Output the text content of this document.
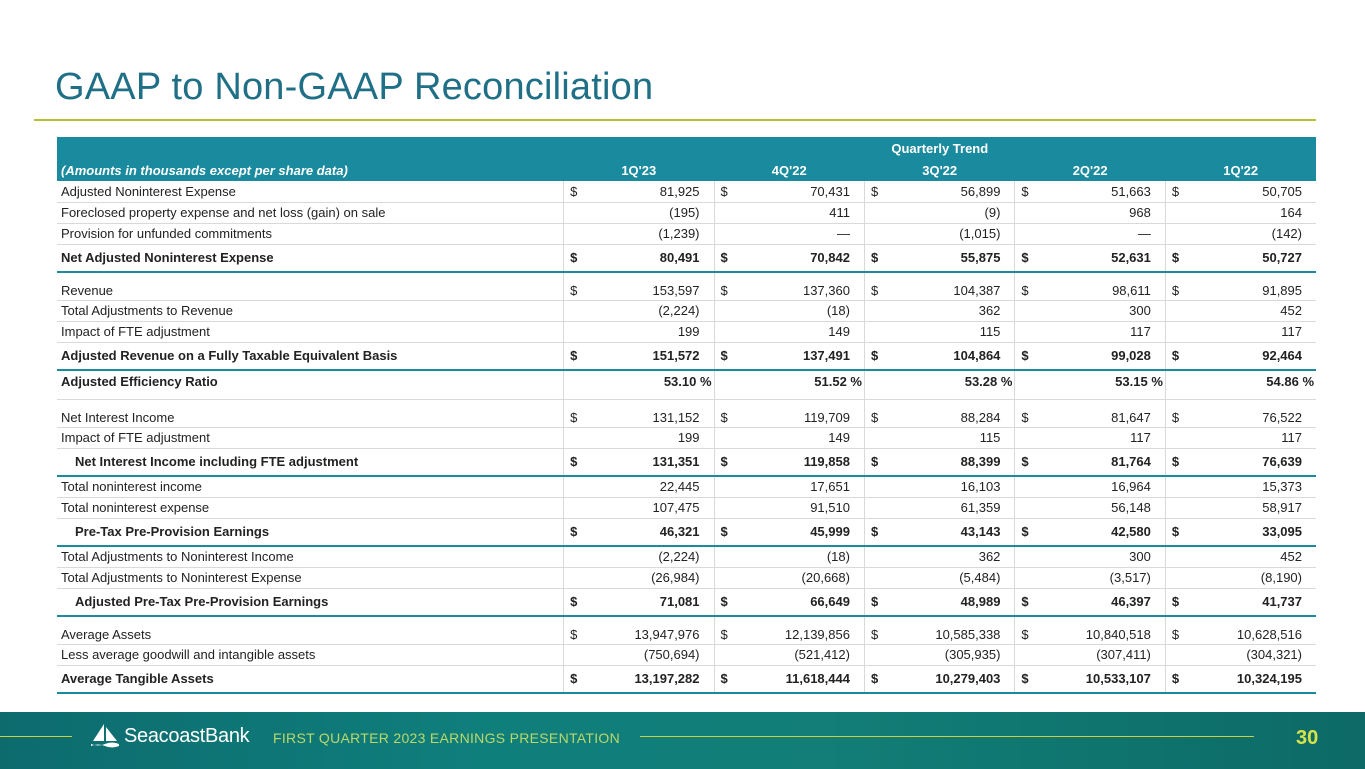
GAAP to Non-GAAP Reconciliation
	Quarterly Trend									
(Amounts in thousands except per share data)	1Q'23		4Q'22		3Q'22		2Q'22		1Q'22	
Adjusted Noninterest Expense	$	81,925	$	70,431	$	56,899	$	51,663	$	50,705
Foreclosed property expense and net loss (gain) on sale	(195)		411		(9)		968		164	
Provision for unfunded commitments	(1,239)		—		(1,015)		—		(142)	
Net Adjusted Noninterest Expense	$	80,491	$	70,842	$	55,875	$	52,631	$	50,727
Revenue	$	153,597	$	137,360	$	104,387	$	98,611	$	91,895
Total Adjustments to Revenue	(2,224)		(18)		362		300		452	
Impact of FTE adjustment	199		149		115		117		117	
Adjusted Revenue on a Fully Taxable Equivalent Basis	$	151,572	$	137,491	$	104,864	$	99,028	$	92,464
Adjusted Efficiency Ratio	53.10 %		51.52 %		53.28 %		53.15 %		54.86 %	
Net Interest Income	$	131,152	$	119,709	$	88,284	$	81,647	$	76,522
Impact of FTE adjustment	199		149		115		117		117	
Net Interest Income including FTE adjustment	$	131,351	$	119,858	$	88,399	$	81,764	$	76,639
Total noninterest income	22,445		17,651		16,103		16,964		15,373	
Total noninterest expense	107,475		91,510		61,359		56,148		58,917	
Pre-Tax Pre-Provision Earnings	$	46,321	$	45,999	$	43,143	$	42,580	$	33,095
Total Adjustments to Noninterest Income	(2,224)		(18)		362		300		452	
Total Adjustments to Noninterest Expense	(26,984)		(20,668)		(5,484)		(3,517)		(8,190)	
Adjusted Pre-Tax Pre-Provision Earnings	$	71,081	$	66,649	$	48,989	$	46,397	$	41,737
Average Assets	$	13,947,976	$	12,139,856	$	10,585,338	$	10,840,518	$	10,628,516
Less average goodwill and intangible assets	(750,694)		(521,412)		(305,935)		(307,411)		(304,321)	
Average Tangible Assets	$	13,197,282	$	11,618,444	$	10,279,403	$	10,533,107	$	10,324,195
SeacoastBank FIRST QUARTER 2023 EARNINGS PRESENTATION	30
